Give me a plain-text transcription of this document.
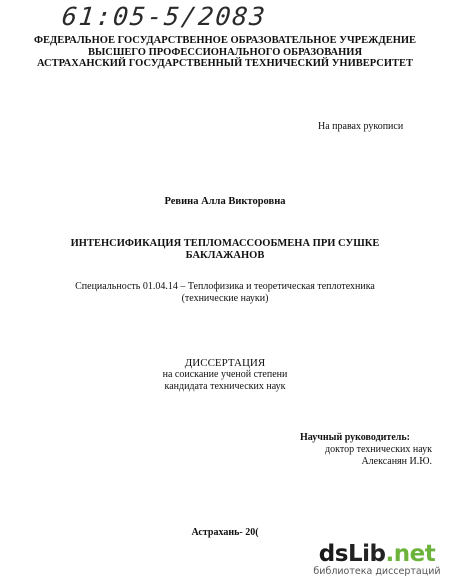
61:05-5/2083
ФЕДЕРАЛЬНОЕ ГОСУДАРСТВЕННОЕ ОБРАЗОВАТЕЛЬНОЕ УЧРЕЖДЕНИЕ
ВЫСШЕГО ПРОФЕССИОНАЛЬНОГО ОБРАЗОВАНИЯ
АСТРАХАНСКИЙ ГОСУДАРСТВЕННЫЙ ТЕХНИЧЕСКИЙ УНИВЕРСИТЕТ
На правах рукописи
Ревина Алла Викторовна
ИНТЕНСИФИКАЦИЯ ТЕПЛОМАССООБМЕНА ПРИ СУШКЕ
БАКЛАЖАНОВ
Специальность 01.04.14 – Теплофизика и теоретическая теплотехника
(технические науки)
ДИССЕРТАЦИЯ
на соискание ученой степени
кандидата технических наук
Научный руководитель:
доктор технических наук
Алексанян И.Ю.
Астрахань- 20(
dsLib.net
библиотека диссертаций
